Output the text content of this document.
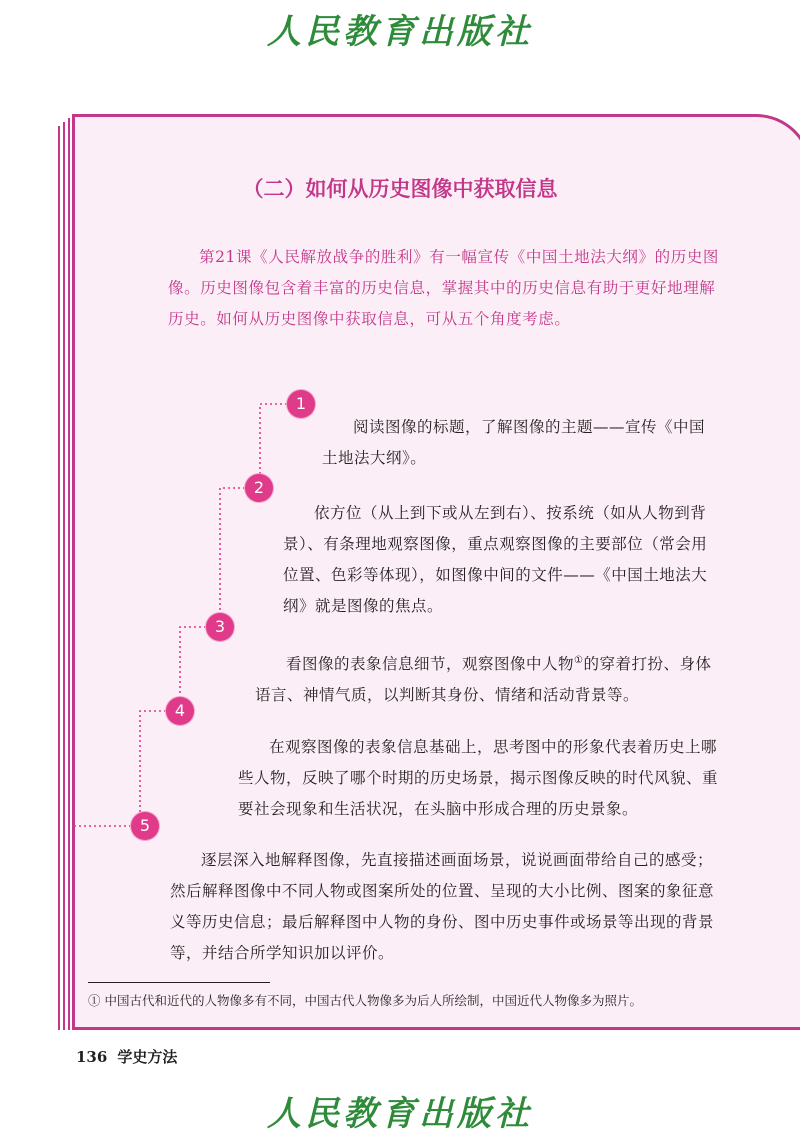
人民教育出版社
（二）如何从历史图像中获取信息

第21课《人民解放战争的胜利》有一幅宣传《中国土地法大纲》的历史图像。历史图像包含着丰富的历史信息，掌握其中的历史信息有助于更好地理解历史。如何从历史图像中获取信息，可从五个角度考虑。

1
2
3
4
5

阅读图像的标题，了解图像的主题——宣传《中国土地法大纲》。

依方位（从上到下或从左到右）、按系统（如从人物到背景）、有条理地观察图像，重点观察图像的主要部位（常会用位置、色彩等体现），如图像中间的文件——《中国土地法大纲》就是图像的焦点。

看图像的表象信息细节，观察图像中人物①的穿着打扮、身体语言、神情气质，以判断其身份、情绪和活动背景等。

在观察图像的表象信息基础上，思考图中的形象代表着历史上哪些人物，反映了哪个时期的历史场景，揭示图像反映的时代风貌、重要社会现象和生活状况，在头脑中形成合理的历史景象。

逐层深入地解释图像，先直接描述画面场景，说说画面带给自己的感受；然后解释图像中不同人物或图案所处的位置、呈现的大小比例、图案的象征意义等历史信息；最后解释图中人物的身份、图中历史事件或场景等出现的背景等，并结合所学知识加以评价。

① 中国古代和近代的人物像多有不同，中国古代人物像多为后人所绘制，中国近代人物像多为照片。
136 学史方法
人民教育出版社
